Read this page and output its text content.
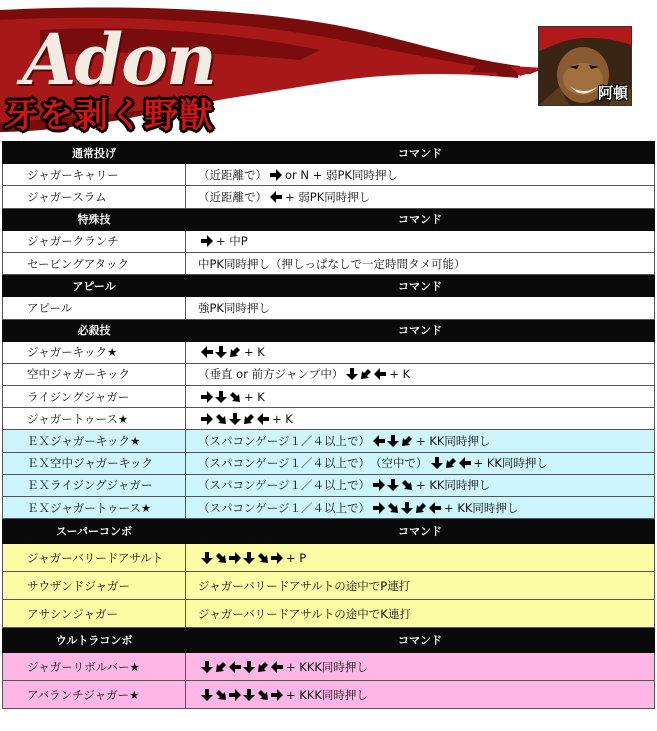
Adon
牙を剥く野獣
阿頓
通常投げ	コマンド
ジャガーキャリー	（近距離で） or N + 弱PK同時押し
ジャガースラム	（近距離で） + 弱PK同時押し
特殊技	コマンド
ジャガークランチ	+ 中P
セービングアタック	中PK同時押し（押しっぱなしで一定時間タメ可能）
アピール	コマンド
アピール	強PK同時押し
必殺技	コマンド
ジャガーキック★	+ K
空中ジャガーキック	（垂直 or 前方ジャンプ中） + K
ライジングジャガー	+ K
ジャガートゥース★	+ K
ＥＸジャガーキック★	（スパコンゲージ１／４以上で） + KK同時押し
ＥＸ空中ジャガーキック	（スパコンゲージ１／４以上で）　（空中で） + KK同時押し
ＥＸライジングジャガー	（スパコンゲージ１／４以上で） + KK同時押し
ＥＸジャガートゥース★	（スパコンゲージ１／４以上で） + KK同時押し
スーパーコンボ	コマンド
ジャガーバリードアサルト	+ P
サウザンドジャガー	ジャガーバリードアサルトの途中でP連打
アサシンジャガー	ジャガーバリードアサルトの途中でK連打
ウルトラコンボ	コマンド
ジャガーリボルバー★	+ KKK同時押し
アバランチジャガー★	+ KKK同時押し
